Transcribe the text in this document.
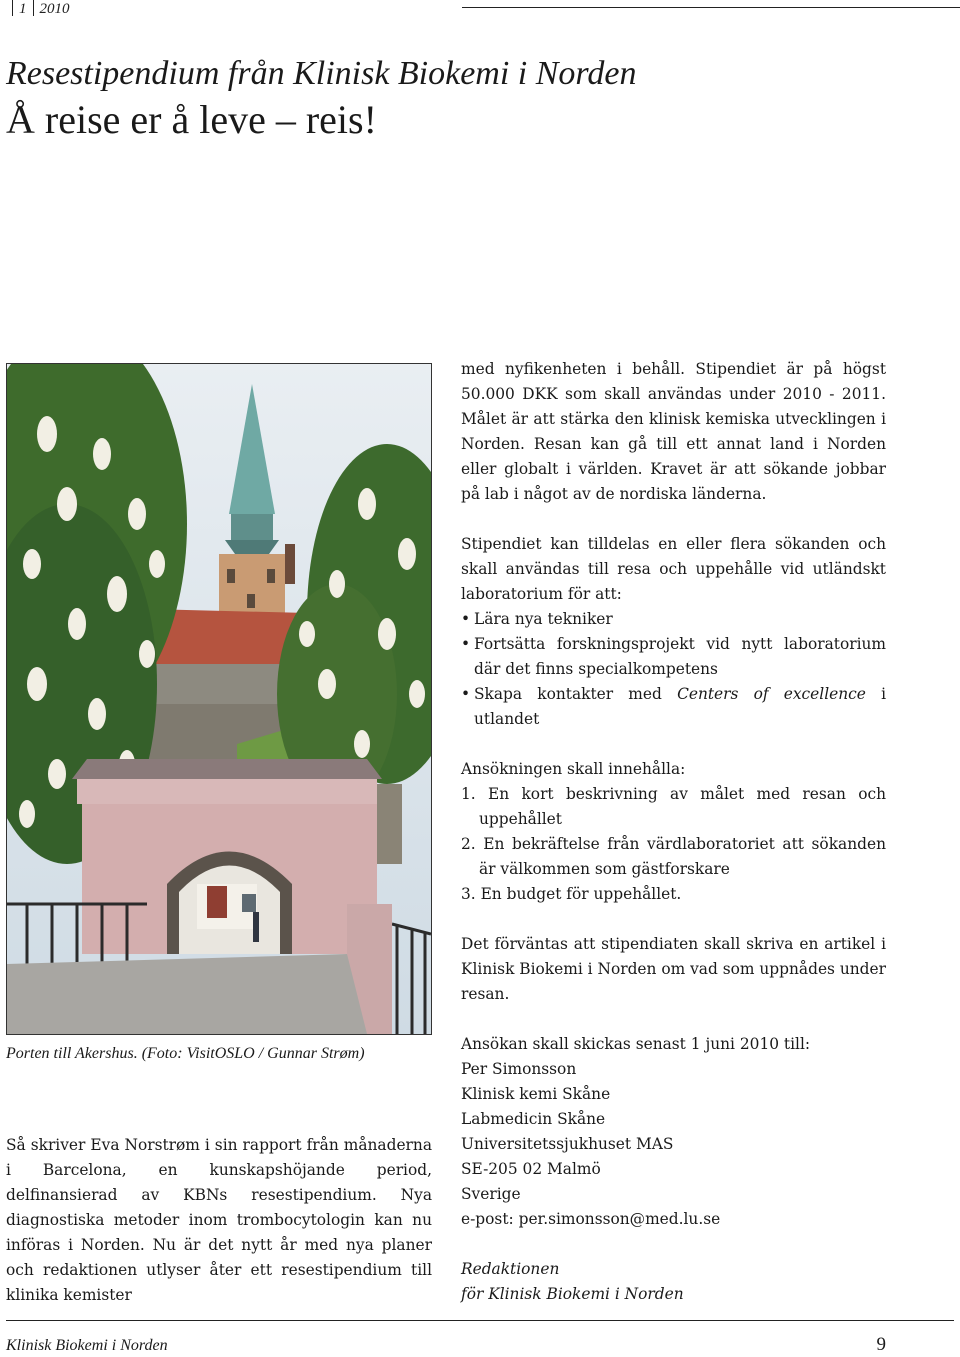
1 2010
Resestipendium från Klinisk Biokemi i Norden
Å reise er å leve – reis!
Porten till Akershus. (Foto: VisitOSLO / Gunnar Strøm)

Så skriver Eva Norstrøm i sin rapport från månaderna i Barcelona, en kunskapshöjande period, delfinansierad av KBNs resestipendium. Nya diagnostiska metoder inom trombocytologin kan nu införas i Norden. Nu är det nytt år med nya planer och redaktionen utlyser åter ett resestipendium till klinika kemister

med nyfikenheten i behåll. Stipendiet är på högst 50.000 DKK som skall användas under 2010 - 2011. Målet är att stärka den klinisk kemiska utvecklingen i Norden. Resan kan gå till ett annat land i Norden eller globalt i världen. Kravet är att sökande jobbar på lab i något av de nordiska länderna.

Stipendiet kan tilldelas en eller flera sökanden och skall användas till resa och uppehålle vid utländskt laboratorium för att:

• Lära nya tekniker
• Fortsätta forskningsprojekt vid nytt laboratorium där det finns specialkompetens
• Skapa kontakter med Centers of excellence i utlandet
Ansökningen skall innehålla:
1. En kort beskrivning av målet med resan och uppehållet
2. En bekräftelse från värdlaboratoriet att sökanden är välkommen som gästforskare
3. En budget för uppehållet.

Det förväntas att stipendiaten skall skriva en artikel i Klinisk Biokemi i Norden om vad som uppnådes under resan.

Ansökan skall skickas senast 1 juni 2010 till:
Per Simonsson
Klinisk kemi Skåne
Labmedicin Skåne
Universitetssjukhuset MAS
SE-205 02 Malmö
Sverige
e-post: per.simonsson@med.lu.se
Redaktionen
för Klinisk Biokemi i Norden
Klinisk Biokemi i Norden	9
